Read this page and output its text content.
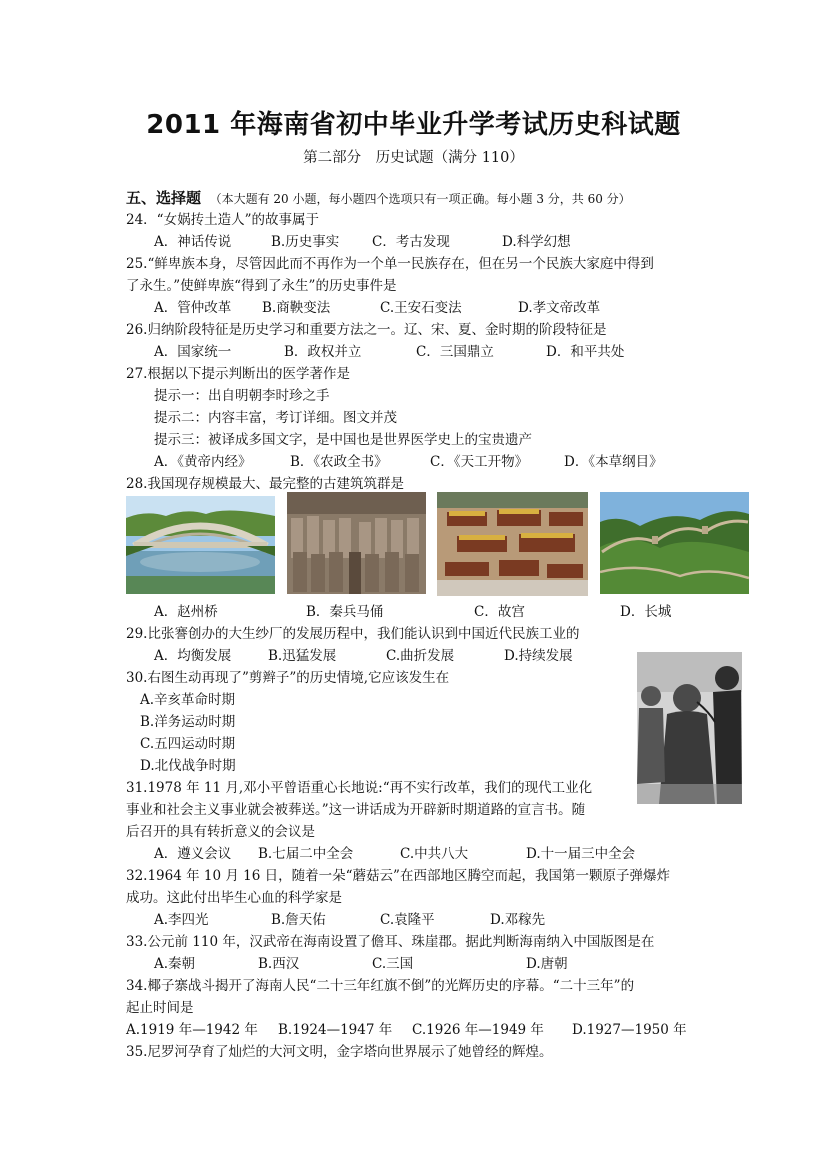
2011 年海南省初中毕业升学考试历史科试题

第二部分　历史试题（满分 110）

五、选择题 （本大题有 20 小题，每小题四个选项只有一项正确。每小题 3 分，共 60 分）

24．“女娲抟土造人”的故事属于

A．神话传说	B.历史事实 C．考古发现	D.科学幻想

25.“鲜卑族本身，尽管因此而不再作为一个单一民族存在，但在另一个民族大家庭中得到

了永生。”使鲜卑族“得到了永生”的历史事件是

A．管仲改革 B.商鞅变法	C.王安石变法	D.孝文帝改革

26.归纳阶段特征是历史学习和重要方法之一。辽、宋、夏、金时期的阶段特征是

A．国家统一	B．政权并立	C．三国鼎立	D．和平共处

27.根据以下提示判断出的医学著作是

提示一：出自明朝李时珍之手

提示二：内容丰富，考订详细。图文并茂

提示三：被译成多国文字，是中国也是世界医学史上的宝贵遗产

A．《黄帝内经》	B．《农政全书》	C．《天工开物》	D．《本草纲目》

28.我国现存规模最大、最完整的古建筑筑群是

A．赵州桥	B．秦兵马俑	C．故宫	D．长城

29.比张謇创办的大生纱厂的发展历程中，我们能认识到中国近代民族工业的

A．均衡发展	B.迅猛发展	C.曲折发展	D.持续发展

30.右图生动再现了”剪辫子”的历史情境,它应该发生在

A.辛亥革命时期

B.洋务运动时期

C.五四运动时期

D.北伐战争时期

31.1978 年 11 月,邓小平曾语重心长地说:“再不实行改革，我们的现代工业化

事业和社会主义事业就会被葬送。”这一讲话成为开辟新时期道路的宣言书。随

后召开的具有转折意义的会议是

A．遵义会议 B.七届二中全会	C.中共八大	D.十一届三中全会

32.1964 年 10 月 16 日，随着一朵“蘑菇云”在西部地区腾空而起，我国第一颗原子弹爆炸

成功。这此付出毕生心血的科学家是

A.李四光	B.詹天佑	C.袁隆平	D.邓稼先

33.公元前 110 年，汉武帝在海南设置了儋耳、珠崖郡。据此判断海南纳入中国版图是在

A.秦朝	B.西汉	C.三国	D.唐朝

34.椰子寨战斗揭开了海南人民“二十三年红旗不倒”的光辉历史的序幕。“二十三年”的

起止时间是

A.1919 年—1942 年 B.1924—1947 年 C.1926 年—1949 年 D.1927—1950 年

35.尼罗河孕育了灿烂的大河文明，金字塔向世界展示了她曾经的辉煌。
